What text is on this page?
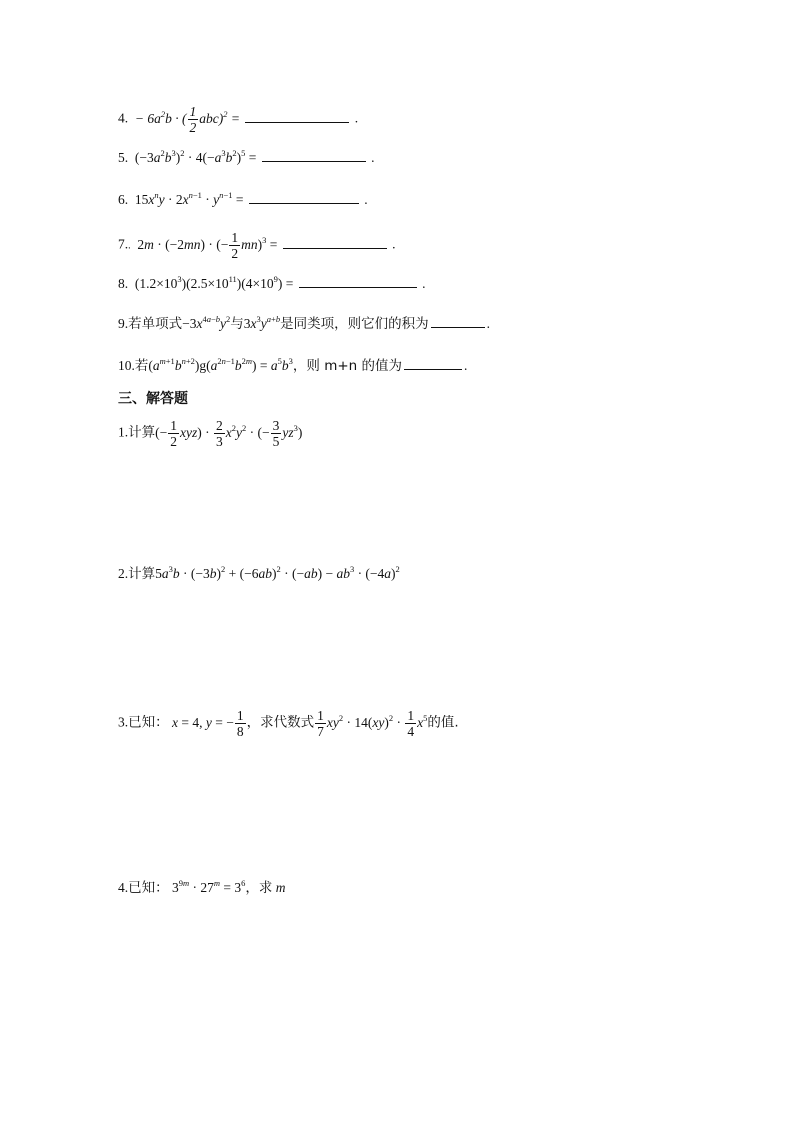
4.  − $6a^2b$ · ( $\frac{1}{2} abc)^2$ =	.
5.  $(-3a^2b^3)^2 \cdot 4(-a^3b^2)^5$ =	.
6.  $15x^ny \cdot 2x^{n-1} \cdot y^{n-1}$ =	.
7..  2m · (−2mn) · (− $\frac{1}{2} mn)^3$ =	.
8.  $(1.2\times 10^3)(2.5\times 10^{11})(4\times 10^9)$ =	.
9.若单项式$-3x^{4a-b}y^2$与$3x^3y^{a+b}$是同类项，则它们的积为	.
10.若$(a^{m+1}b^{n+2})g(a^{2n-1}b^{2m}) = a^5b^3$，则 m+n 的值为	.
三、解答题
1.计算(− $\frac{1}{2} xyz) \cdot \frac{2}{3} x^2y^2$ · (− $\frac{3}{5} yz^3$)
2.计算$5a^3b \cdot (-3b)^2 + (-6ab)^2 \cdot (-ab) - ab^3 \cdot (-4a)^2$
3.已知： x = 4, y = − $\frac{1}{8}$ ，求代数式 $\frac{1}{7} xy^2 \cdot 14(xy)^2 \cdot \frac{1}{4} x^5$的值.
4.已知： $3^{9m} \cdot 27^m = 3^6$，求 m
